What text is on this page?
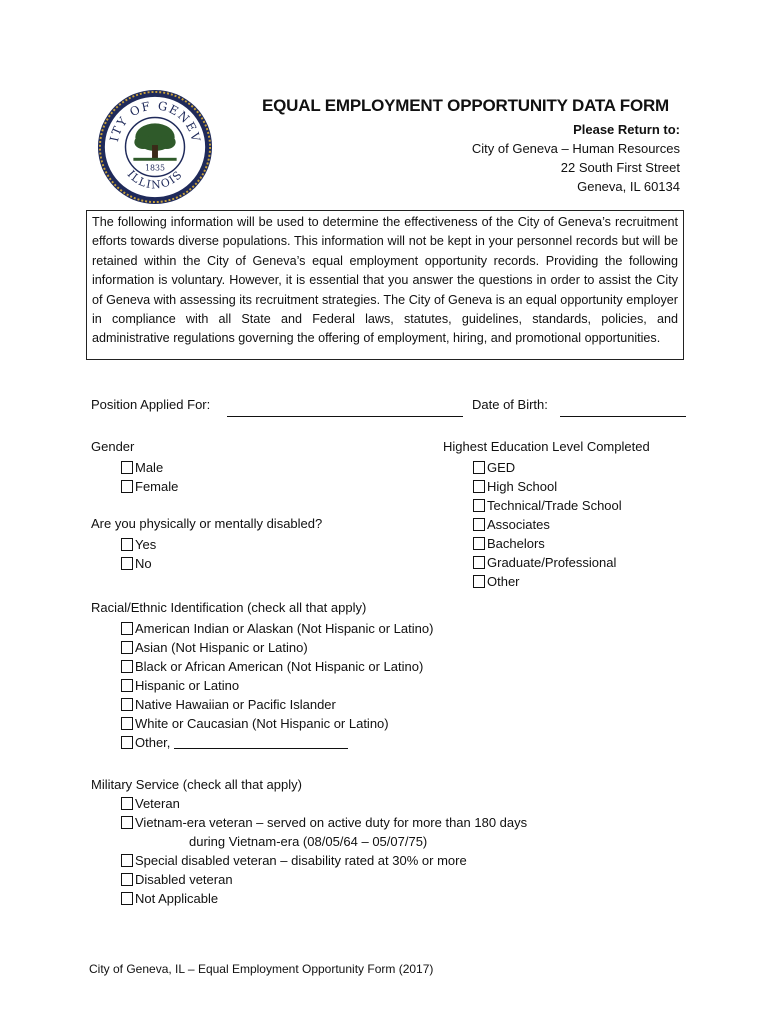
ITY OF GENEV
ILLINOIS
1835
EQUAL EMPLOYMENT OPPORTUNITY DATA FORM
Please Return to:
City of Geneva – Human Resources
22 South First Street
Geneva, IL 60134
The following information will be used to determine the effectiveness of the City of Geneva’s recruitment efforts towards diverse populations. This information will not be kept in your personnel records but will be retained within the City of Geneva’s equal employment opportunity records. Providing the following information is voluntary. However, it is essential that you answer the questions in order to assist the City of Geneva with assessing its recruitment strategies. The City of Geneva is an equal opportunity employer in compliance with all State and Federal laws, statutes, guidelines, standards, policies, and administrative regulations governing the offering of employment, hiring, and promotional opportunities.
Position Applied For:	Date of Birth:
Gender
Male
Female
Are you physically or mentally disabled?
Yes
No
Highest Education Level Completed
GED
High School
Technical/Trade School
Associates
Bachelors
Graduate/Professional
Other
Racial/Ethnic Identification (check all that apply)
American Indian or Alaskan (Not Hispanic or Latino)
Asian (Not Hispanic or Latino)
Black or African American (Not Hispanic or Latino)
Hispanic or Latino
Native Hawaiian or Pacific Islander
White or Caucasian (Not Hispanic or Latino)
Other,
Military Service (check all that apply)
Veteran
Vietnam-era veteran – served on active duty for more than 180 days
during Vietnam-era (08/05/64 – 05/07/75)
Special disabled veteran – disability rated at 30% or more
Disabled veteran
Not Applicable
City of Geneva, IL – Equal Employment Opportunity Form (2017)
